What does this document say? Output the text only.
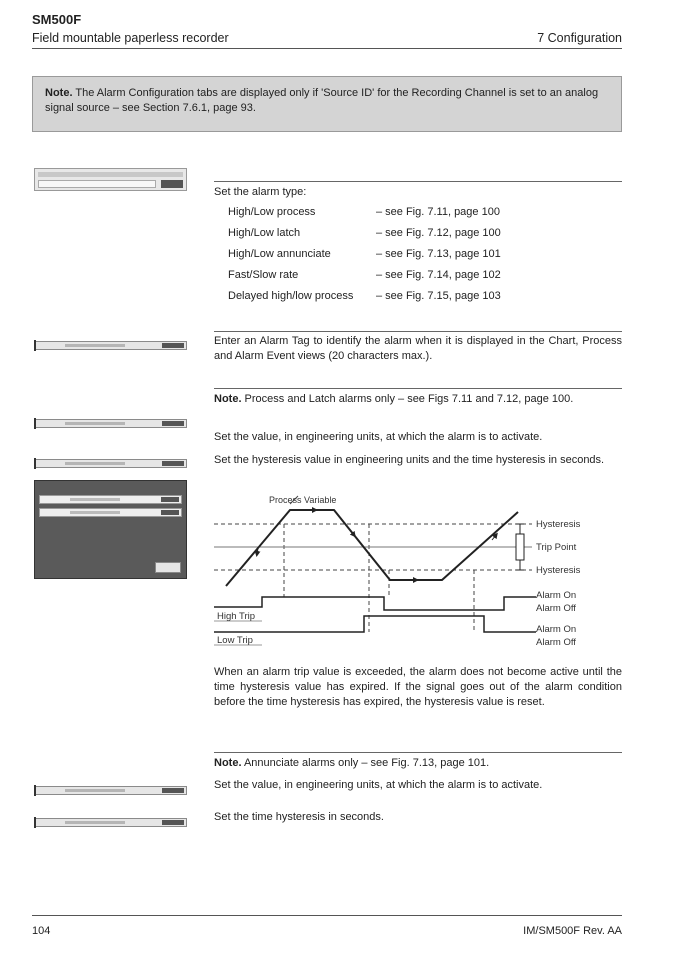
SM500F
Field mountable paperless recorder	7 Configuration
Note. The Alarm Configuration tabs are displayed only if 'Source ID' for the Recording Channel is set to an analog signal source – see Section 7.6.1, page 93.
Set the alarm type:
High/Low process	– see Fig. 7.11, page 100
High/Low latch	– see Fig. 7.12, page 100
High/Low annunciate	– see Fig. 7.13, page 101
Fast/Slow rate	– see Fig. 7.14, page 102
Delayed high/low process – see Fig. 7.15, page 103
Enter an Alarm Tag to identify the alarm when it is displayed in the Chart, Process and Alarm Event views (20 characters max.).
Note. Process and Latch alarms only – see Figs 7.11 and 7.12, page 100.
Set the value, in engineering units, at which the alarm is to activate.
Set the hysteresis value in engineering units and the time hysteresis in seconds.
Process Variable
Hysteresis
Trip Point
Hysteresis
Alarm On
Alarm Off
Alarm On
Alarm Off
High Trip
Low Trip
When an alarm trip value is exceeded, the alarm does not become active until the time hysteresis value has expired. If the signal goes out of the alarm condition before the time hysteresis has expired, the hysteresis value is reset.
Note. Annunciate alarms only – see Fig. 7.13, page 101.
Set the value, in engineering units, at which the alarm is to activate.
Set the time hysteresis in seconds.
104	IM/SM500F Rev. AA
